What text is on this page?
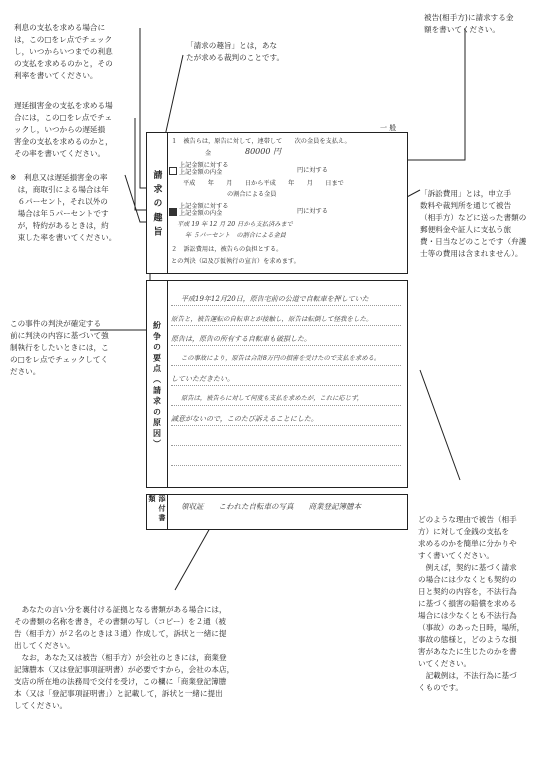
利息の支払を求める場合に
は，この□をレ点でチェック
し，いつからいつまでの利息
の支払を求めるのかと，その
利率を書いてください。
遅延損害金の支払を求める場
合には，この□をレ点でチェ
ックし，いつからの遅延損
害金の支払を求めるのかと，
その率を書いてください。
※　利息又は遅延損害金の率
　は，商取引による場合は年
　６パーセント，それ以外の
　場合は年５パーセントです
　が，特約があるときは，約
　束した率を書いてください。
「請求の趣旨」とは，あな
たが求める裁判のことです。
被告(相手方)に請求する金
額を書いてください。
「訴訟費用」とは，申立手
数料や裁判所を通じて被告
（相手方）などに送った書類の
郵便料金や証人に支払う旅
費・日当などのことです（弁護
士等の費用は含まれません）。
この事件の判決が確定する
前に判決の内容に基づいて強
制執行をしたいときには，こ
の□をレ点でチェックしてく
ださい。
どのような理由で被告（相手
方）に対して金銭の支払を
求めるのかを簡単に分かりや
すく書いてください。
　例えば，契約に基づく請求
の場合には少なくとも契約の
日と契約の内容を，不法行為
に基づく損害の賠償を求める
場合には少なくとも不法行為
（事故）のあった日時，場所，
事故の態様と，どのような損
害があなたに生じたのかを書
いてください。
　記載例は，不法行為に基づ
くものです。
　あなたの言い分を裏付ける証拠となる書類がある場合には，
その書類の名称を書き，その書類の写し（コピー）を２通（被
告（相手方）が２名のときは３通）作成して，訴状と一緒に提
出してください。
　なお，あなた又は被告（相手方）が会社のときには，商業登
記簿謄本（又は登記事項証明書）が必要ですから，会社の本店，
支店の所在地の法務局で交付を受け，この欄に「商業登記簿謄
本（又は「登記事項証明書」）と記載して，訴状と一緒に提出
してください。
一 般
請 求 の 趣 旨
１　被告らは，原告に対して，連帯して　　次の金員を支払え。
金	80000 円
上記金額に対する
上記金額の内金	円に対する
平成　　年　　月　　日から平成　　年　　月　　日まで
の割合による金員
上記金額に対する
上記金額の内金	円に対する
平成 19 年 12 月 20 日から支払済みまで
年 ５パーセント　の割合による金員
２　訴訟費用は，被告らの負担とする。
との判決（☑及び仮執行の宣言）を求めます。
紛 争 の 要 点 （ 請 求 の 原 因 ）
平成19年12月20日，原告宅前の公道で自転車を押していた
原告と，被告運転の自転車とが接触し，原告は転倒して怪我をした。
原告は，原告の所有する自転車も破損した。
この事故により，原告は合計8万円の損害を受けたので支払を求める。
していただきたい。
原告は，被告らに対して何度も支払を求めたが，これに応じず，
誠意がないので，このたび訴えることにした。
添 付 書 類
領収証　　こわれた自転車の写真　　商業登記簿謄本
